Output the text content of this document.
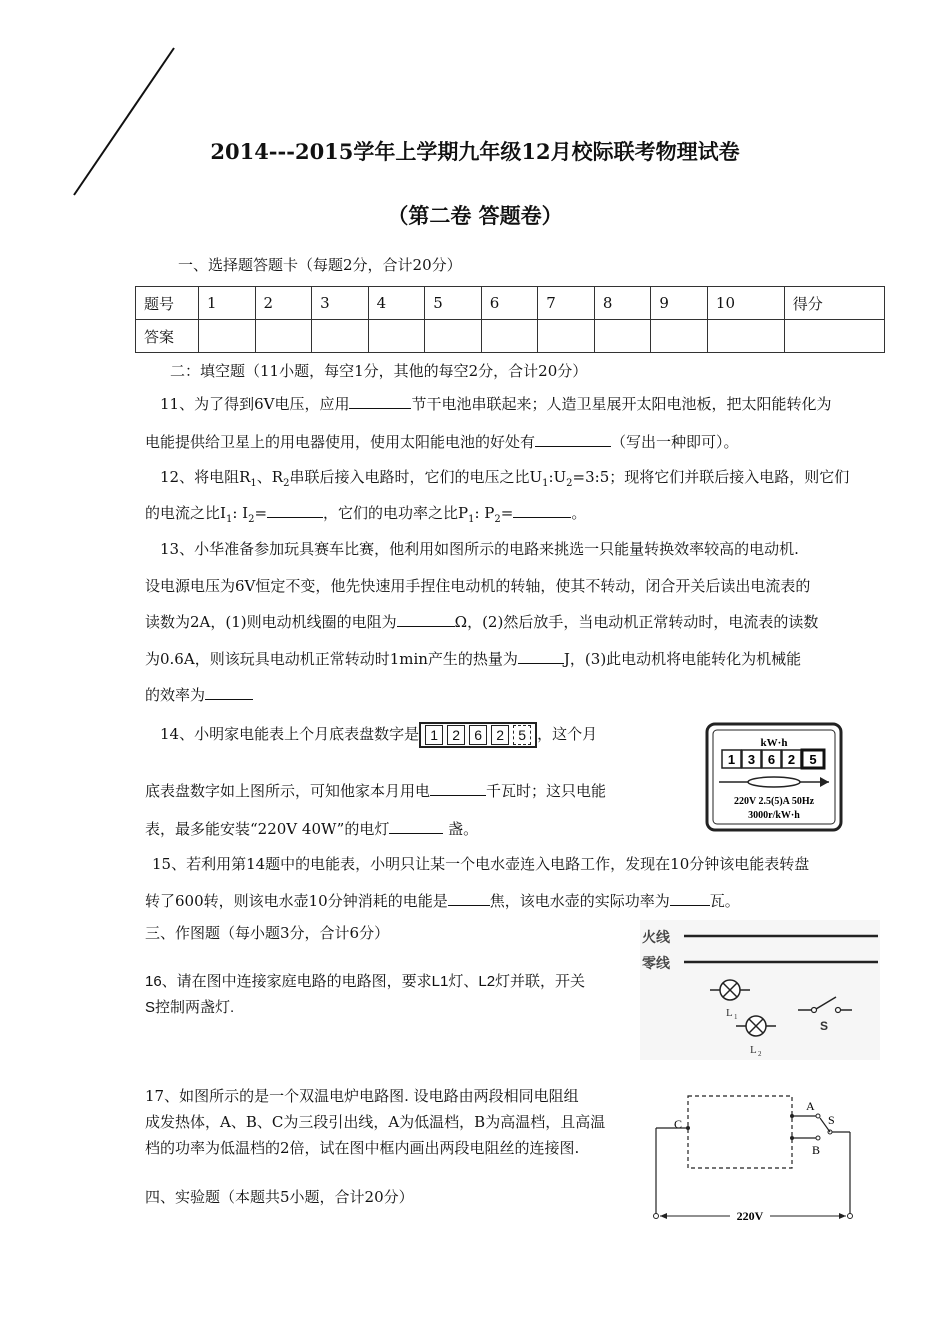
2014---2015学年上学期九年级12月校际联考物理试卷
（第二卷 答题卷）
一、选择题答题卡（每题2分，合计20分）
题号	1	2	3	4	5	6	7	8	9	10	得分
答案											
二：填空题（11小题，每空1分，其他的每空2分，合计20分）
11、为了得到6V电压，应用	节干电池串联起来；人造卫星展开太阳电池板，把太阳能转化为
电能提供给卫星上的用电器使用，使用太阳能电池的好处有	（写出一种即可）。
12、将电阻$R_1$、$R_2$串联后接入电路时，它们的电压之比$U_1:U_2=3:5$；现将它们并联后接入电路，则它们
的电流之比$I_1$: $I_2=$	，它们的电功率之比$P_1$: $P_2=$	。
13、小华准备参加玩具赛车比赛，他利用如图所示的电路来挑选一只能量转换效率较高的电动机.
设电源电压为6V恒定不变，他先快速用手捏住电动机的转轴，使其不转动，闭合开关后读出电流表的
读数为2A，(1)则电动机线圈的电阻为	Ω，(2)然后放手，当电动机正常转动时，电流表的读数
为0.6A，则该玩具电动机正常转动时1min产生的热量为	J，(3)此电动机将电能转化为机械能
的效率为
14、小明家电能表上个月底表盘数字是 1 2 6 2 5 ，这个月
底表盘数字如上图所示，可知他家本月用电	千瓦时；这只电能
表，最多能安装“220V 40W”的电灯	盏。
kW·h
1 3 6 2 5
220V 2.5(5)A 50Hz
3000r/kW·h
15、若利用第14题中的电能表，小明只让某一个电水壶连入电路工作，发现在10分钟该电能表转盘
转了600转，则该电水壶10分钟消耗的电能是	焦，该电水壶的实际功率为	瓦。
三、作图题（每小题3分，合计6分）
16、请在图中连接家庭电路的电路图，要求L1灯、L2灯并联，开关
S控制两盏灯.
火线
零线
L 1
L 2
S
17、如图所示的是一个双温电炉电路图. 设电路由两段相同电阻组
成发热体，A、B、C为三段引出线，A为低温档，B为高温档，且高温
档的功率为低温档的2倍，试在图中框内画出两段电阻丝的连接图.
C
A
S
B
220V
四、实验题（本题共5小题，合计20分）
